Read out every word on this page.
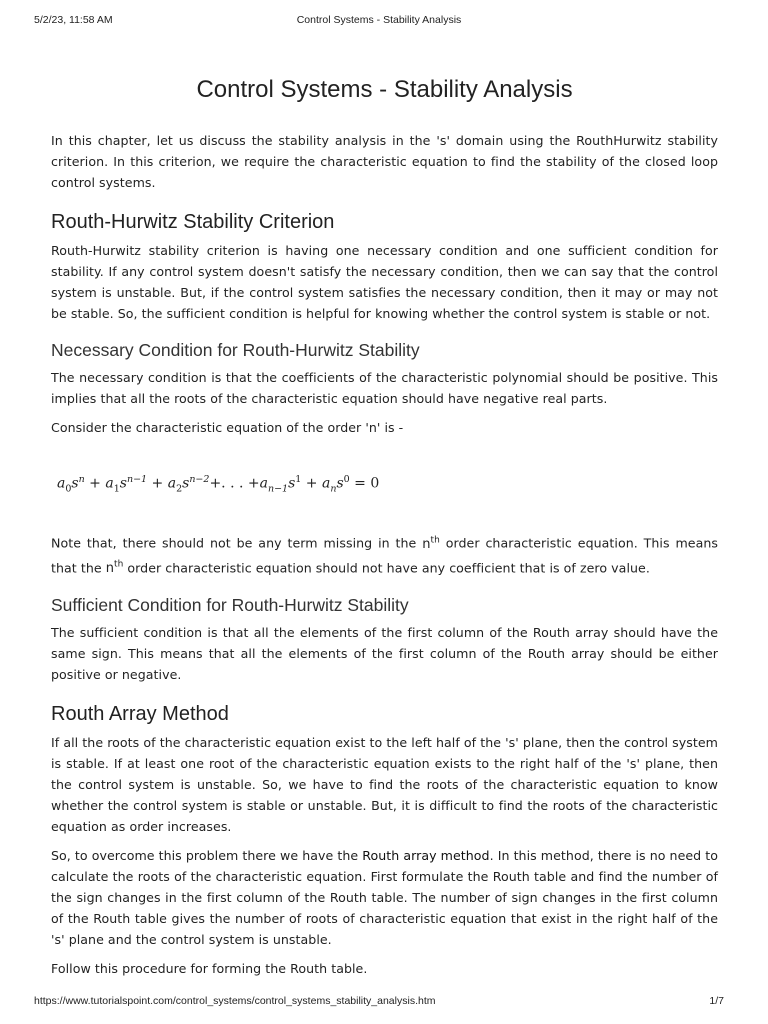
5/2/23, 11:58 AM	Control Systems - Stability Analysis
Control Systems - Stability Analysis

In this chapter, let us discuss the stability analysis in the 's' domain using the RouthHurwitz stability criterion. In this criterion, we require the characteristic equation to find the stability of the closed loop control systems.

Routh-Hurwitz Stability Criterion

Routh-Hurwitz stability criterion is having one necessary condition and one sufficient condition for stability. If any control system doesn't satisfy the necessary condition, then we can say that the control system is unstable. But, if the control system satisfies the necessary condition, then it may or may not be stable. So, the sufficient condition is helpful for knowing whether the control system is stable or not.

Necessary Condition for Routh-Hurwitz Stability

The necessary condition is that the coefficients of the characteristic polynomial should be positive. This implies that all the roots of the characteristic equation should have negative real parts.

Consider the characteristic equation of the order 'n' is -

$a_0s^n + a_1s^{n-1} + a_2s^{n-2}+$. . . $+a_{n-1}s^1 + a_ns^0 = 0$

Note that, there should not be any term missing in the $n^{th}$ order characteristic equation. This means that the $n^{th}$ order characteristic equation should not have any coefficient that is of zero value.

Sufficient Condition for Routh-Hurwitz Stability

The sufficient condition is that all the elements of the first column of the Routh array should have the same sign. This means that all the elements of the first column of the Routh array should be either positive or negative.

Routh Array Method

If all the roots of the characteristic equation exist to the left half of the 's' plane, then the control system is stable. If at least one root of the characteristic equation exists to the right half of the 's' plane, then the control system is unstable. So, we have to find the roots of the characteristic equation to know whether the control system is stable or unstable. But, it is difficult to find the roots of the characteristic equation as order increases.

So, to overcome this problem there we have the Routh array method. In this method, there is no need to calculate the roots of the characteristic equation. First formulate the Routh table and find the number of the sign changes in the first column of the Routh table. The number of sign changes in the first column of the Routh table gives the number of roots of characteristic equation that exist in the right half of the 's' plane and the control system is unstable.

Follow this procedure for forming the Routh table.

https://www.tutorialspoint.com/control_systems/control_systems_stability_analysis.htm	1/7
